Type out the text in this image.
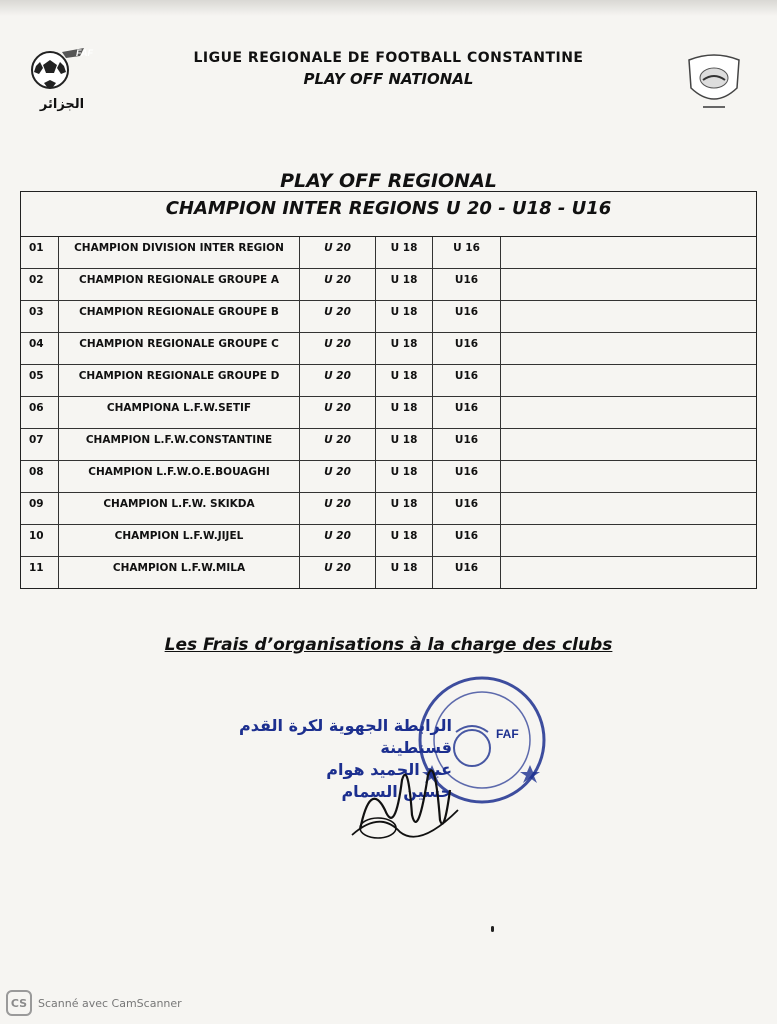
FAF
الجزائر
LIGUE REGIONALE DE FOOTBALL CONSTANTINE
PLAY OFF NATIONAL
PLAY OFF REGIONAL
CHAMPION INTER REGIONS U 20 - U18 - U16
01	CHAMPION DIVISION INTER REGION	U 20	U 18	U 16
02	CHAMPION REGIONALE GROUPE A	U 20	U 18	U16
03	CHAMPION REGIONALE GROUPE B	U 20	U 18	U16
04	CHAMPION REGIONALE GROUPE C	U 20	U 18	U16
05	CHAMPION REGIONALE GROUPE D	U 20	U 18	U16
06	CHAMPIONA L.F.W.SETIF	U 20	U 18	U16
07	CHAMPION L.F.W.CONSTANTINE	U 20	U 18	U16
08	CHAMPION L.F.W.O.E.BOUAGHI	U 20	U 18	U16
09	CHAMPION L.F.W. SKIKDA	U 20	U 18	U16
10	CHAMPION L.F.W.JIJEL	U 20	U 18	U16
11	CHAMPION L.F.W.MILA	U 20	U 18	U16
Les Frais d’organisations à la charge des clubs
FAF
الرابطة الجهوية لكرة القدم
قسنطينة
عبد الحميد هوام
حسين السمام
CS Scanné avec CamScanner
